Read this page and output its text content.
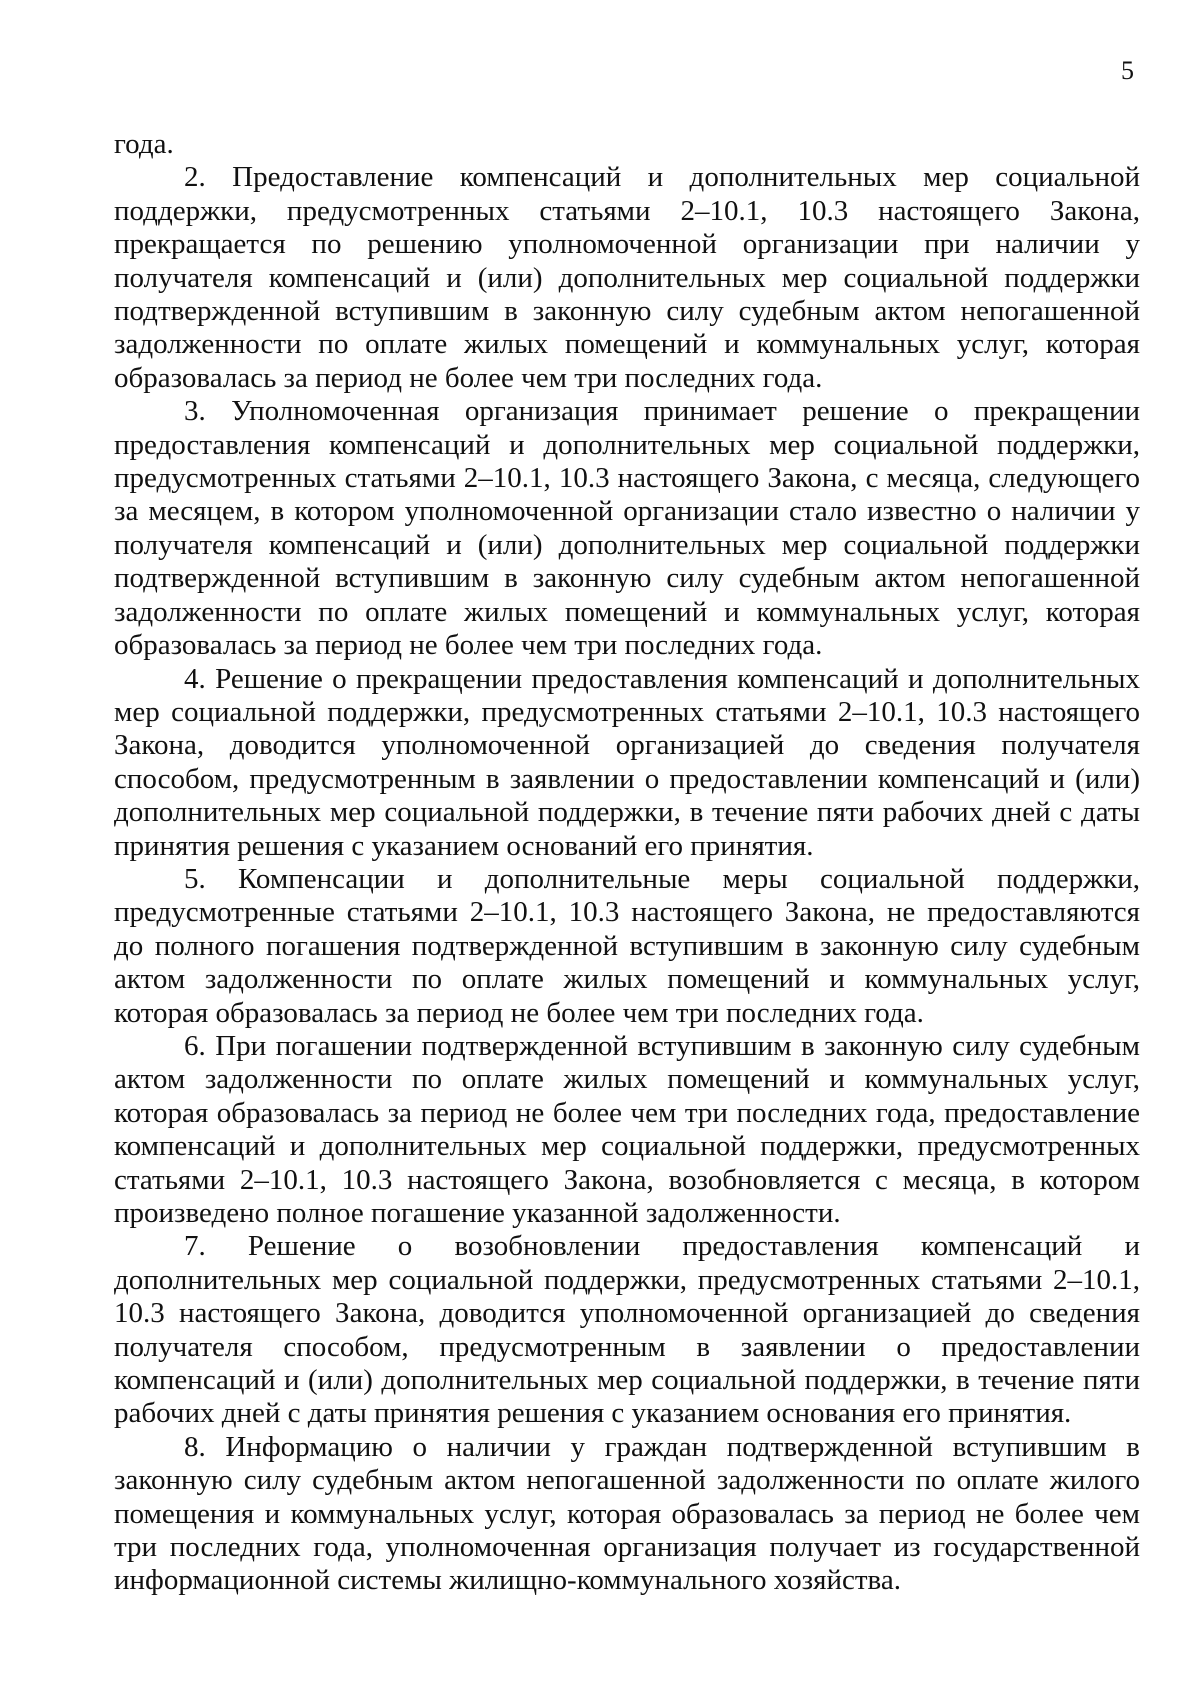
5

года.

2. Предоставление компенсаций и дополнительных мер социальной поддержки, предусмотренных статьями 2–10.1, 10.3 настоящего Закона, прекращается по решению уполномоченной организации при наличии у получателя компенсаций и (или) дополнительных мер социальной поддержки подтвержденной вступившим в законную силу судебным актом непогашенной задолженности по оплате жилых помещений и коммунальных услуг, которая образовалась за период не более чем три последних года.

3. Уполномоченная организация принимает решение о прекращении предоставления компенсаций и дополнительных мер социальной поддержки, предусмотренных статьями 2–10.1, 10.3 настоящего Закона, с месяца, следующего за месяцем, в котором уполномоченной организации стало известно о наличии у получателя компенсаций и (или) дополнительных мер социальной поддержки подтвержденной вступившим в законную силу судебным актом непогашенной задолженности по оплате жилых помещений и коммунальных услуг, которая образовалась за период не более чем три последних года.

4. Решение о прекращении предоставления компенсаций и дополнительных мер социальной поддержки, предусмотренных статьями 2–10.1, 10.3 настоящего Закона, доводится уполномоченной организацией до сведения получателя способом, предусмотренным в заявлении о предоставлении компенсаций и (или) дополнительных мер социальной поддержки, в течение пяти рабочих дней с даты принятия решения с указанием оснований его принятия.

5. Компенсации и дополнительные меры социальной поддержки, предусмотренные статьями 2–10.1, 10.3 настоящего Закона, не предоставляются до полного погашения подтвержденной вступившим в законную силу судебным актом задолженности по оплате жилых помещений и коммунальных услуг, которая образовалась за период не более чем три последних года.

6. При погашении подтвержденной вступившим в законную силу судебным актом задолженности по оплате жилых помещений и коммунальных услуг, которая образовалась за период не более чем три последних года, предоставление компенсаций и дополнительных мер социальной поддержки, предусмотренных статьями 2–10.1, 10.3 настоящего Закона, возобновляется с месяца, в котором произведено полное погашение указанной задолженности.

7. Решение о возобновлении предоставления компенсаций и дополнительных мер социальной поддержки, предусмотренных статьями 2–10.1, 10.3 настоящего Закона, доводится уполномоченной организацией до сведения получателя способом, предусмотренным в заявлении о предоставлении компенсаций и (или) дополнительных мер социальной поддержки, в течение пяти рабочих дней с даты принятия решения с указанием основания его принятия.

8. Информацию о наличии у граждан подтвержденной вступившим в законную силу судебным актом непогашенной задолженности по оплате жилого помещения и коммунальных услуг, которая образовалась за период не более чем три последних года, уполномоченная организация получает из государственной информационной системы жилищно-коммунального хозяйства.
